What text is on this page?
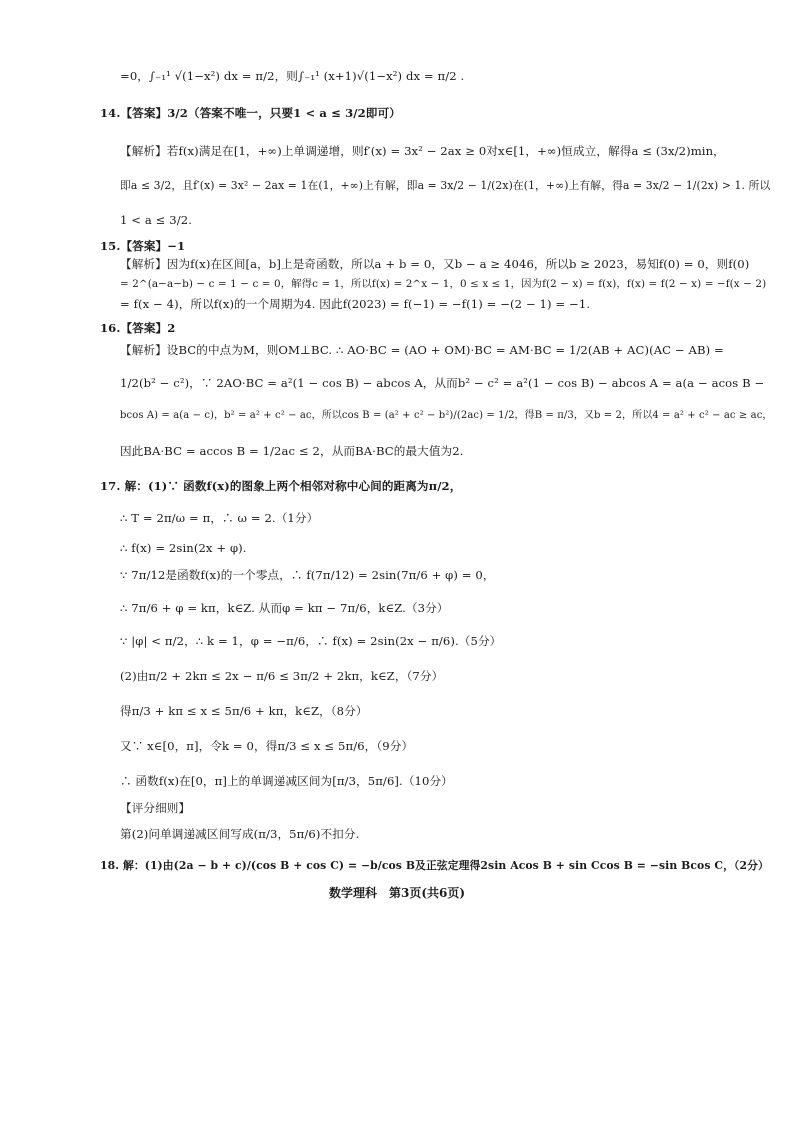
=0，∫₋₁¹ √(1−x²) dx = π/2，则∫₋₁¹ (x+1)√(1−x²) dx = π/2 .
14.【答案】3/2（答案不唯一，只要1 < a ≤ 3/2即可）
【解析】若f(x)满足在[1，+∞)上单调递增，则f′(x) = 3x² − 2ax ≥ 0对x∈[1，+∞)恒成立，解得a ≤ (3x/2)min，
即a ≤ 3/2，且f′(x) = 3x² − 2ax = 1在(1，+∞)上有解，即a = 3x/2 − 1/(2x)在(1，+∞)上有解，得a = 3x/2 − 1/(2x) > 1. 所以
1 < a ≤ 3/2.
15.【答案】−1
【解析】因为f(x)在区间[a，b]上是奇函数，所以a + b = 0，又b − a ≥ 4046，所以b ≥ 2023，易知f(0) = 0，则f(0)
= 2^(a−a−b) − c = 1 − c = 0，解得c = 1，所以f(x) = 2^x − 1，0 ≤ x ≤ 1，因为f(2 − x) = f(x)，f(x) = f(2 − x) = −f(x − 2)
= f(x − 4)，所以f(x)的一个周期为4. 因此f(2023) = f(−1) = −f(1) = −(2 − 1) = −1.
16.【答案】2
【解析】设BC的中点为M，则OM⊥BC. ∴ AO·BC = (AO + OM)·BC = AM·BC = 1/2(AB + AC)(AC − AB) =
1/2(b² − c²)，∵ 2AO·BC = a²(1 − cos B) − abcos A，从而b² − c² = a²(1 − cos B) − abcos A = a(a − acos B −
bcos A) = a(a − c)，b² = a² + c² − ac，所以cos B = (a² + c² − b²)/(2ac) = 1/2，得B = π/3，又b = 2，所以4 = a² + c² − ac ≥ ac，
因此BA·BC = accos B = 1/2ac ≤ 2，从而BA·BC的最大值为2.
17. 解：(1)∵ 函数f(x)的图象上两个相邻对称中心间的距离为π/2，
∴ T = 2π/ω = π，∴ ω = 2.（1分）
∴ f(x) = 2sin(2x + φ).
∵ 7π/12是函数f(x)的一个零点，∴ f(7π/12) = 2sin(7π/6 + φ) = 0，
∴ 7π/6 + φ = kπ，k∈Z. 从而φ = kπ − 7π/6，k∈Z.（3分）
∵ |φ| < π/2，∴ k = 1，φ = −π/6，∴ f(x) = 2sin(2x − π/6).（5分）
(2)由π/2 + 2kπ ≤ 2x − π/6 ≤ 3π/2 + 2kπ，k∈Z，（7分）
得π/3 + kπ ≤ x ≤ 5π/6 + kπ，k∈Z，（8分）
又∵ x∈[0，π]，令k = 0，得π/3 ≤ x ≤ 5π/6，（9分）
∴ 函数f(x)在[0，π]上的单调递减区间为[π/3，5π/6].（10分）
【评分细则】
第(2)问单调递减区间写成(π/3，5π/6)不扣分.
18. 解：(1)由(2a − b + c)/(cos B + cos C) = −b/cos B及正弦定理得2sin Acos B + sin Ccos B = −sin Bcos C，（2分）
数学理科　第3页(共6页)
